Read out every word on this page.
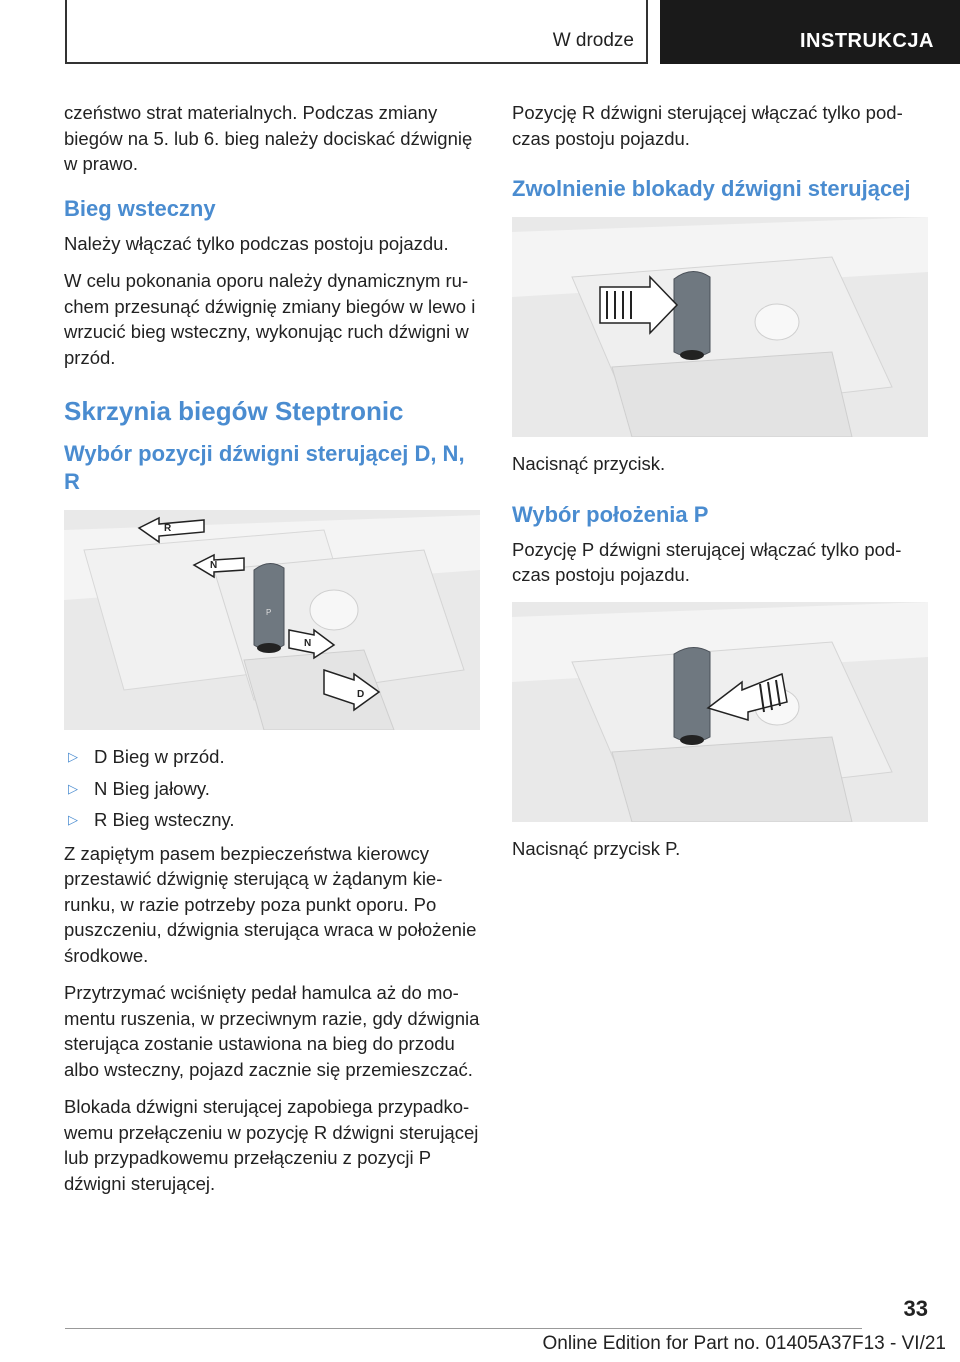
W drodze	INSTRUKCJA

czeństwo strat materialnych. Podczas zmiany biegów na 5. lub 6. bieg należy dociskać dźwignię w prawo.

Bieg wsteczny

Należy włączać tylko podczas postoju pojazdu.

W celu pokonania oporu należy dynamicznym ruchem przesunąć dźwignię zmiany biegów w lewo i wrzucić bieg wsteczny, wykonując ruch dźwigni w przód.

Skrzynia biegów Steptronic
Wybór pozycji dźwigni sterującej D, N, R
P
R
N
N
D
▷ D Bieg w przód.
▷ N Bieg jałowy.
▷ R Bieg wsteczny.

Z zapiętym pasem bezpieczeństwa kierowcy przestawić dźwignię sterującą w żądanym kierunku, w razie potrzeby poza punkt oporu. Po puszczeniu, dźwignia sterująca wraca w położenie środkowe.

Przytrzymać wciśnięty pedał hamulca aż do momentu ruszenia, w przeciwnym razie, gdy dźwignia sterująca zostanie ustawiona na bieg do przodu albo wsteczny, pojazd zacznie się przemieszczać.

Blokada dźwigni sterującej zapobiega przypadkowemu przełączeniu w pozycję R dźwigni sterującej lub przypadkowemu przełączeniu z pozycji P dźwigni sterującej.

Pozycję R dźwigni sterującej włączać tylko podczas postoju pojazdu.

Zwolnienie blokady dźwigni sterującej

Nacisnąć przycisk.

Wybór położenia P

Pozycję P dźwigni sterującej włączać tylko podczas postoju pojazdu.

Nacisnąć przycisk P.

33
Online Edition for Part no. 01405A37F13 - VI/21
